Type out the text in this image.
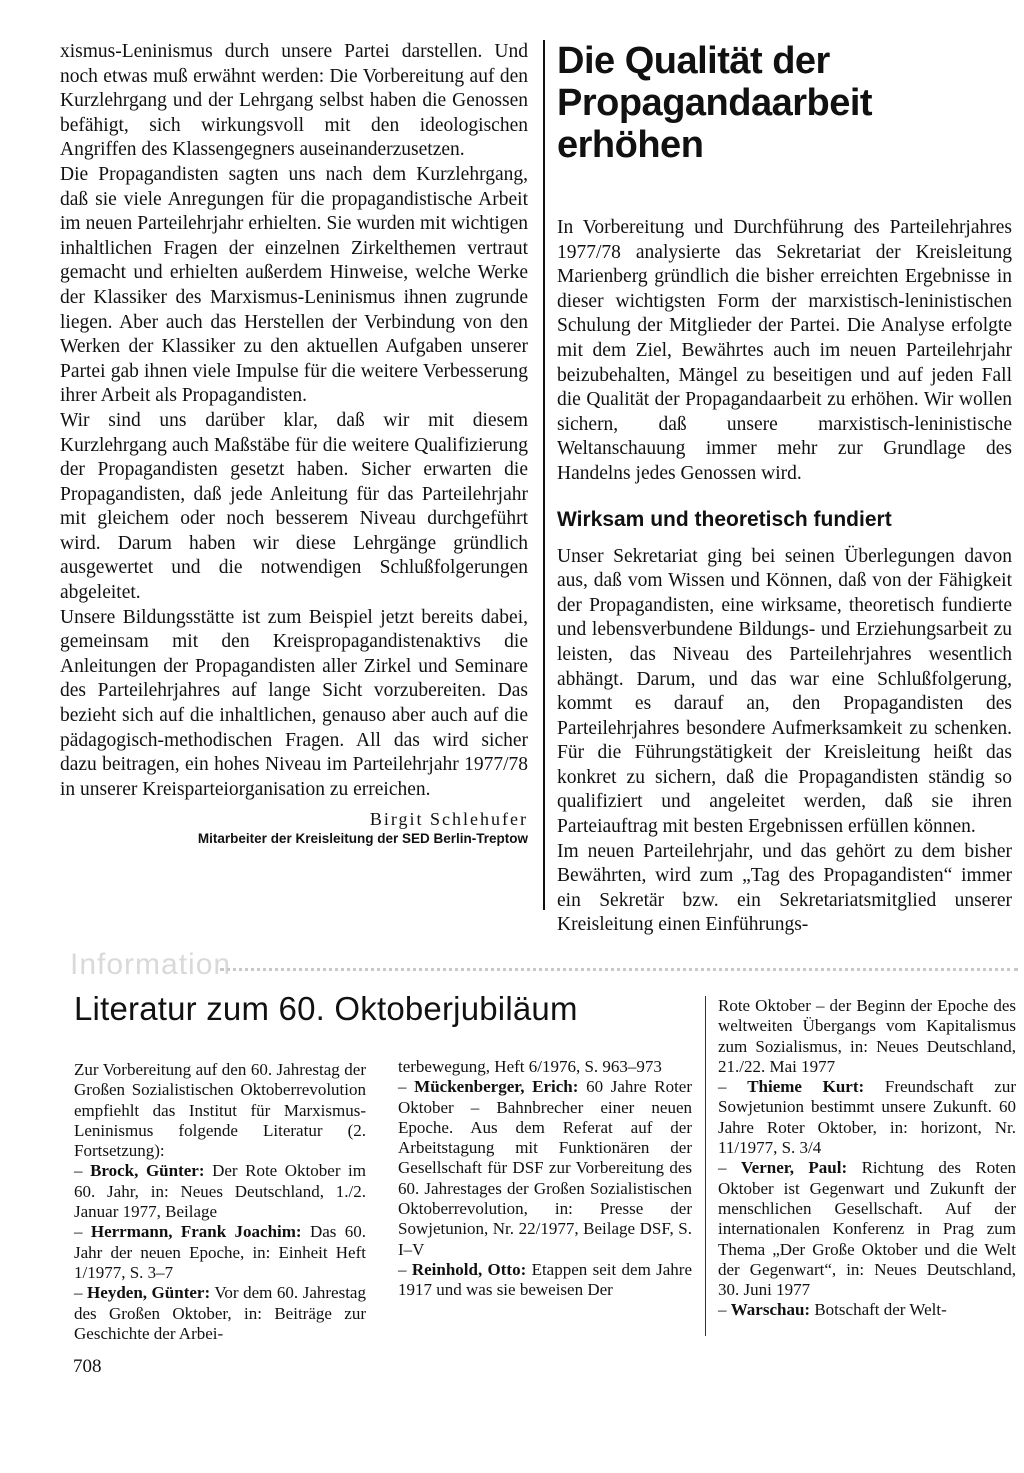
xismus-Leninismus durch unsere Partei darstellen. Und noch etwas muß erwähnt werden: Die Vorbereitung auf den Kurzlehrgang und der Lehrgang selbst haben die Genossen befähigt, sich wirkungsvoll mit den ideologischen Angriffen des Klassengegners auseinanderzusetzen.

Die Propagandisten sagten uns nach dem Kurzlehrgang, daß sie viele Anregungen für die propagandistische Arbeit im neuen Parteilehrjahr erhielten. Sie wurden mit wichtigen inhaltlichen Fragen der einzelnen Zirkelthemen vertraut gemacht und erhielten außerdem Hinweise, welche Werke der Klassiker des Marxismus-Leninismus ihnen zugrunde liegen. Aber auch das Herstellen der Verbindung von den Werken der Klassiker zu den aktuellen Aufgaben unserer Partei gab ihnen viele Impulse für die weitere Verbesserung ihrer Arbeit als Propagandisten.

Wir sind uns darüber klar, daß wir mit diesem Kurzlehrgang auch Maßstäbe für die weitere Qualifizierung der Propagandisten gesetzt haben. Sicher erwarten die Propagandisten, daß jede Anleitung für das Parteilehrjahr mit gleichem oder noch besserem Niveau durchgeführt wird. Darum haben wir diese Lehrgänge gründlich ausgewertet und die notwendigen Schlußfolgerungen abgeleitet.

Unsere Bildungsstätte ist zum Beispiel jetzt bereits dabei, gemeinsam mit den Kreispropagandistenaktivs die Anleitungen der Propagandisten aller Zirkel und Seminare des Parteilehrjahres auf lange Sicht vorzubereiten. Das bezieht sich auf die inhaltlichen, genauso aber auch auf die pädagogisch-methodischen Fragen. All das wird sicher dazu beitragen, ein hohes Niveau im Parteilehrjahr 1977/78 in unserer Kreisparteiorganisation zu erreichen.

Birgit Schlehufer

Mitarbeiter der Kreisleitung der SED Berlin-Treptow

Die Qualität der Propagandaarbeit erhöhen

In Vorbereitung und Durchführung des Parteilehrjahres 1977/78 analysierte das Sekretariat der Kreisleitung Marienberg gründlich die bisher erreichten Ergebnisse in dieser wichtigsten Form der marxistisch-leninistischen Schulung der Mitglieder der Partei. Die Analyse erfolgte mit dem Ziel, Bewährtes auch im neuen Parteilehrjahr beizubehalten, Mängel zu beseitigen und auf jeden Fall die Qualität der Propagandaarbeit zu erhöhen. Wir wollen sichern, daß unsere marxistisch-leninistische Weltanschauung immer mehr zur Grundlage des Handelns jedes Genossen wird.

Wirksam und theoretisch fundiert

Unser Sekretariat ging bei seinen Überlegungen davon aus, daß vom Wissen und Können, daß von der Fähigkeit der Propagandisten, eine wirksame, theoretisch fundierte und lebensverbundene Bildungs- und Erziehungsarbeit zu leisten, das Niveau des Parteilehrjahres wesentlich abhängt. Darum, und das war eine Schlußfolgerung, kommt es darauf an, den Propagandisten des Parteilehrjahres besondere Aufmerksamkeit zu schenken. Für die Führungstätigkeit der Kreisleitung heißt das konkret zu sichern, daß die Propagandisten ständig so qualifiziert und angeleitet werden, daß sie ihren Parteiauftrag mit besten Ergebnissen erfüllen können.

Im neuen Parteilehrjahr, und das gehört zu dem bisher Bewährten, wird zum „Tag des Propagandisten“ immer ein Sekretär bzw. ein Sekretariatsmitglied unserer Kreisleitung einen Einführungs-

Information
Literatur zum 60. Oktoberjubiläum

Zur Vorbereitung auf den 60. Jahrestag der Großen Sozialistischen Oktoberrevolution empfiehlt das Institut für Marxismus-Leninismus folgende Literatur (2. Fortsetzung):

– Brock, Günter: Der Rote Oktober im 60. Jahr, in: Neues Deutschland, 1./2. Januar 1977, Beilage

– Herrmann, Frank Joachim: Das 60. Jahr der neuen Epoche, in: Einheit Heft 1/1977, S. 3–7

– Heyden, Günter: Vor dem 60. Jahrestag des Großen Oktober, in: Beiträge zur Geschichte der Arbei-

terbewegung, Heft 6/1976, S. 963–973

– Mückenberger, Erich: 60 Jahre Roter Oktober – Bahnbrecher einer neuen Epoche. Aus dem Referat auf der Arbeitstagung mit Funktionären der Gesellschaft für DSF zur Vorbereitung des 60. Jahrestages der Großen Sozialistischen Oktoberrevolution, in: Presse der Sowjetunion, Nr. 22/1977, Beilage DSF, S. I–V

– Reinhold, Otto: Etappen seit dem Jahre 1917 und was sie beweisen Der

Rote Oktober – der Beginn der Epoche des weltweiten Übergangs vom Kapitalismus zum Sozialismus, in: Neues Deutschland, 21./22. Mai 1977

– Thieme Kurt: Freundschaft zur Sowjetunion bestimmt unsere Zukunft. 60 Jahre Roter Oktober, in: horizont, Nr. 11/1977, S. 3/4

– Verner, Paul: Richtung des Roten Oktober ist Gegenwart und Zukunft der menschlichen Gesellschaft. Auf der internationalen Konferenz in Prag zum Thema „Der Große Oktober und die Welt der Gegenwart“, in: Neues Deutschland, 30. Juni 1977

– Warschau: Botschaft der Welt-

708
